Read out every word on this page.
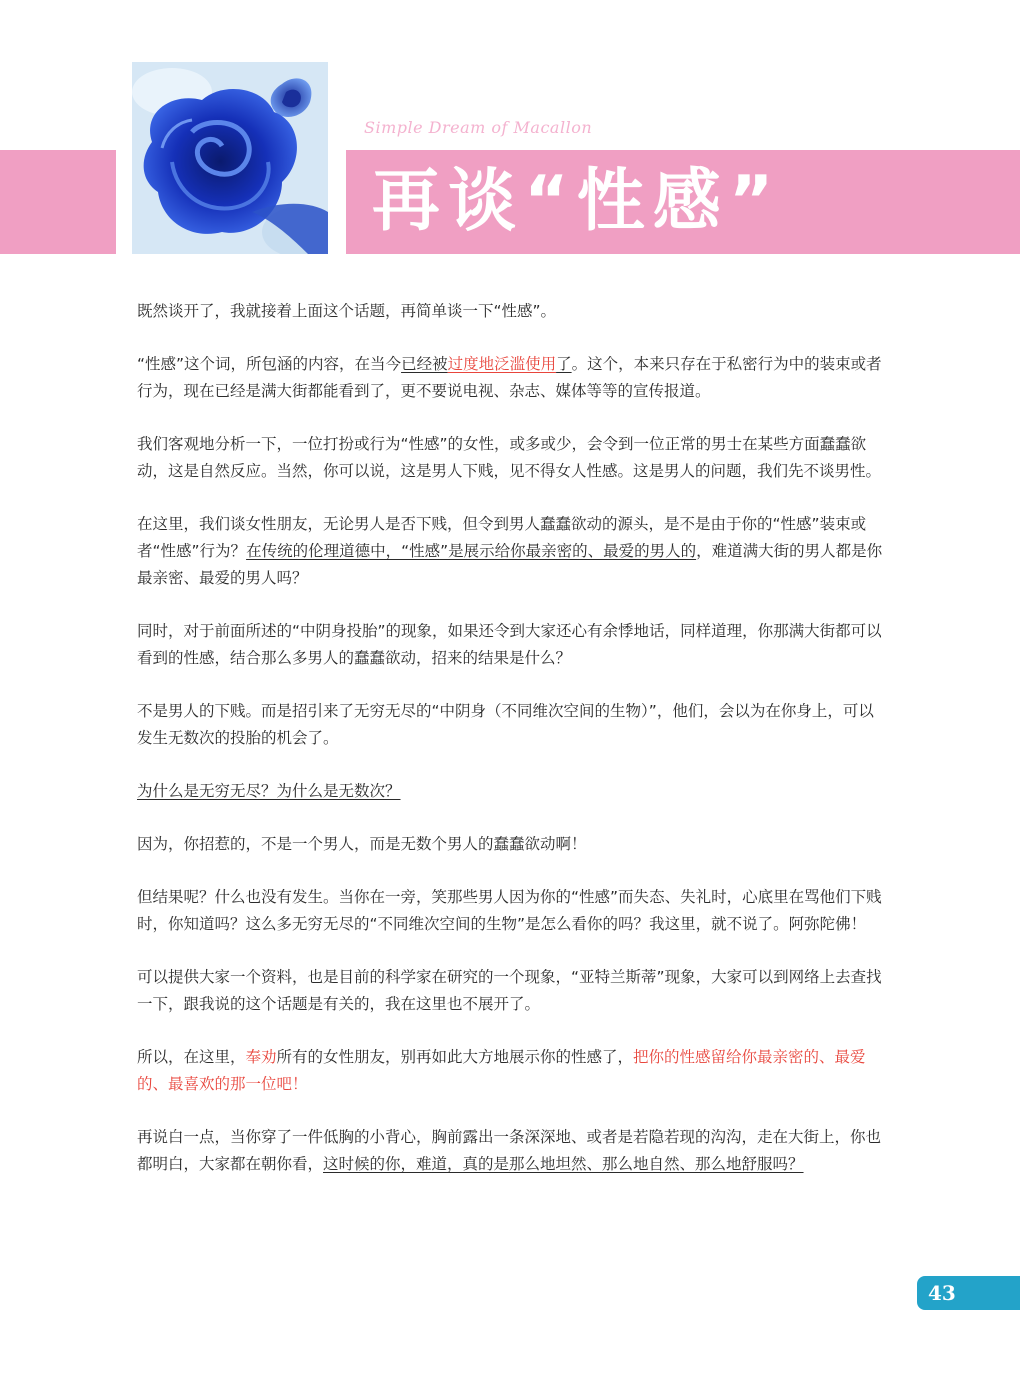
Simple Dream of Macallon
再谈“性感”

既然谈开了，我就接着上面这个话题，再简单谈一下“性感”。

“性感”这个词，所包涵的内容，在当今已经被过度地泛滥使用了。这个，本来只存在于私密行为中的装束或者行为，现在已经是满大街都能看到了，更不要说电视、杂志、媒体等等的宣传报道。

我们客观地分析一下，一位打扮或行为“性感”的女性，或多或少，会令到一位正常的男士在某些方面蠢蠢欲动，这是自然反应。当然，你可以说，这是男人下贱，见不得女人性感。这是男人的问题，我们先不谈男性。

在这里，我们谈女性朋友，无论男人是否下贱，但令到男人蠢蠢欲动的源头，是不是由于你的“性感”装束或者“性感”行为？在传统的伦理道德中，“性感”是展示给你最亲密的、最爱的男人的，难道满大街的男人都是你最亲密、最爱的男人吗？

同时，对于前面所述的“中阴身投胎”的现象，如果还令到大家还心有余悸地话，同样道理，你那满大街都可以看到的性感，结合那么多男人的蠢蠢欲动，招来的结果是什么？

不是男人的下贱。而是招引来了无穷无尽的“中阴身（不同维次空间的生物）”，他们，会以为在你身上，可以发生无数次的投胎的机会了。

为什么是无穷无尽？为什么是无数次？

因为，你招惹的，不是一个男人，而是无数个男人的蠢蠢欲动啊！

但结果呢？什么也没有发生。当你在一旁，笑那些男人因为你的“性感”而失态、失礼时，心底里在骂他们下贱时，你知道吗？这么多无穷无尽的“不同维次空间的生物”是怎么看你的吗？我这里，就不说了。阿弥陀佛！

可以提供大家一个资料，也是目前的科学家在研究的一个现象，“亚特兰斯蒂”现象，大家可以到网络上去查找一下，跟我说的这个话题是有关的，我在这里也不展开了。

所以，在这里，奉劝所有的女性朋友，别再如此大方地展示你的性感了，把你的性感留给你最亲密的、最爱的、最喜欢的那一位吧！

再说白一点，当你穿了一件低胸的小背心，胸前露出一条深深地、或者是若隐若现的沟沟，走在大街上，你也都明白，大家都在朝你看，这时候的你，难道，真的是那么地坦然、那么地自然、那么地舒服吗？

43
